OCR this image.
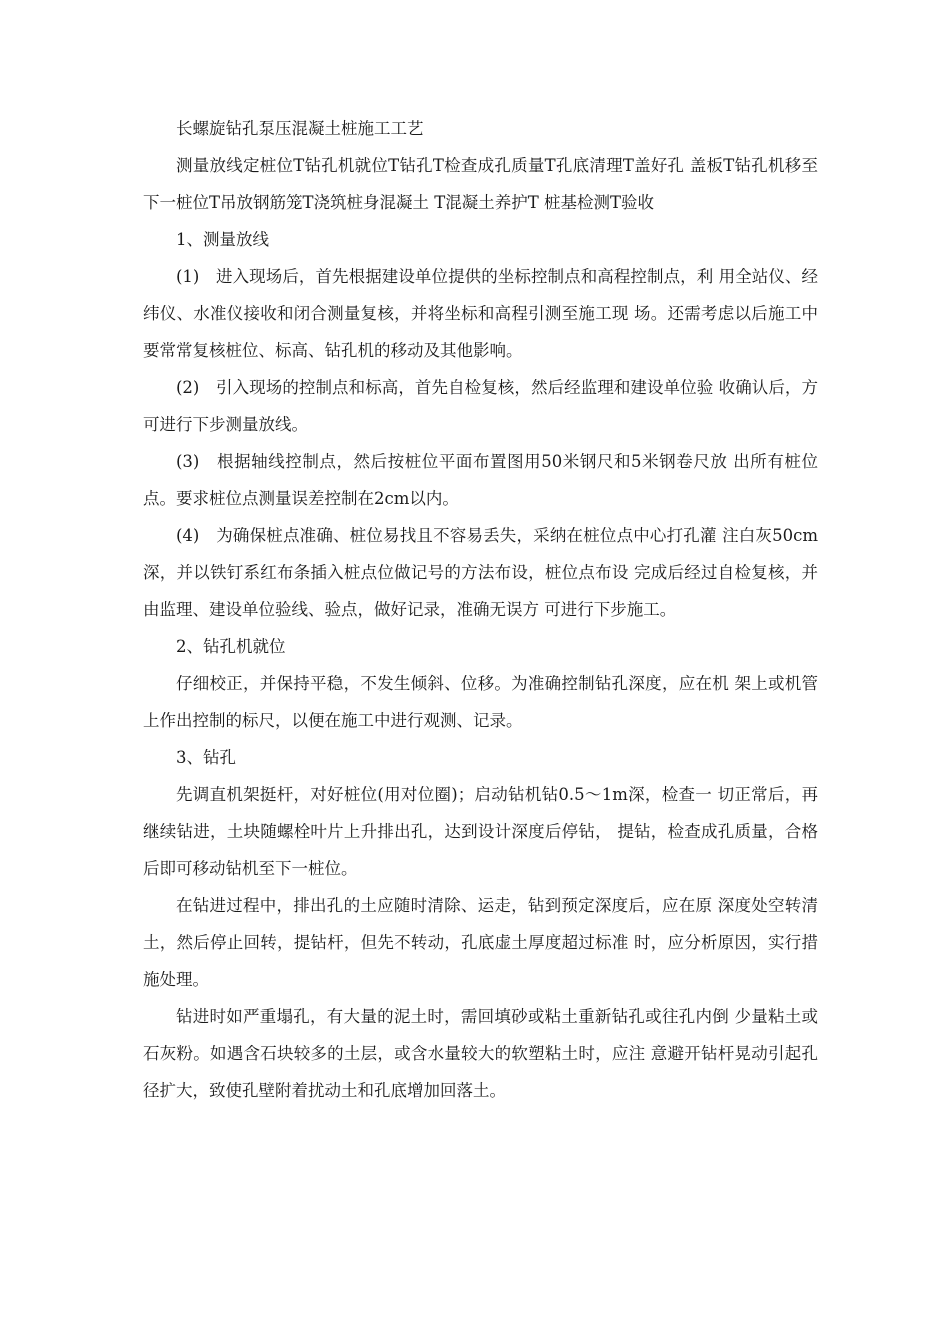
长螺旋钻孔泵压混凝土桩施工工艺

测量放线定桩位T钻孔机就位T钻孔T检查成孔质量T孔底清理T盖好孔 盖板T钻孔机移至下一桩位T吊放钢筋笼T浇筑桩身混凝土 T混凝土养护T 桩基检测T验收

1、测量放线

(1)　进入现场后，首先根据建设单位提供的坐标控制点和高程控制点，利 用全站仪、经纬仪、水准仪接收和闭合测量复核，并将坐标和高程引测至施工现 场。还需考虑以后施工中要常常复核桩位、标高、钻孔机的移动及其他影响。

(2)　引入现场的控制点和标高，首先自检复核，然后经监理和建设单位验 收确认后，方可进行下步测量放线。

(3)　根据轴线控制点，然后按桩位平面布置图用50米钢尺和5米钢卷尺放 出所有桩位点。要求桩位点测量误差控制在2cm以内。

(4)　为确保桩点准确、桩位易找且不容易丢失，采纳在桩位点中心打孔灌 注白灰50cm深，并以铁钉系红布条插入桩点位做记号的方法布设，桩位点布设 完成后经过自检复核，并由监理、建设单位验线、验点，做好记录，准确无误方 可进行下步施工。

2、钻孔机就位

仔细校正，并保持平稳，不发生倾斜、位移。为准确控制钻孔深度，应在机 架上或机管上作出控制的标尺，以便在施工中进行观测、记录。

3、钻孔

先调直机架挺杆，对好桩位(用对位圈)；启动钻机钻0.5〜1m深，检查一 切正常后，再继续钻进，土块随螺栓叶片上升排出孔，达到设计深度后停钻， 提钻，检查成孔质量，合格后即可移动钻机至下一桩位。

在钻进过程中，排出孔的土应随时清除、运走，钻到预定深度后，应在原 深度处空转清土，然后停止回转，提钻杆，但先不转动，孔底虚土厚度超过标准 时，应分析原因，实行措施处理。

钻进时如严重塌孔，有大量的泥土时，需回填砂或粘土重新钻孔或往孔内倒 少量粘土或石灰粉。如遇含石块较多的土层，或含水量较大的软塑粘土时，应注 意避开钻杆晃动引起孔径扩大，致使孔壁附着扰动土和孔底增加回落土。
